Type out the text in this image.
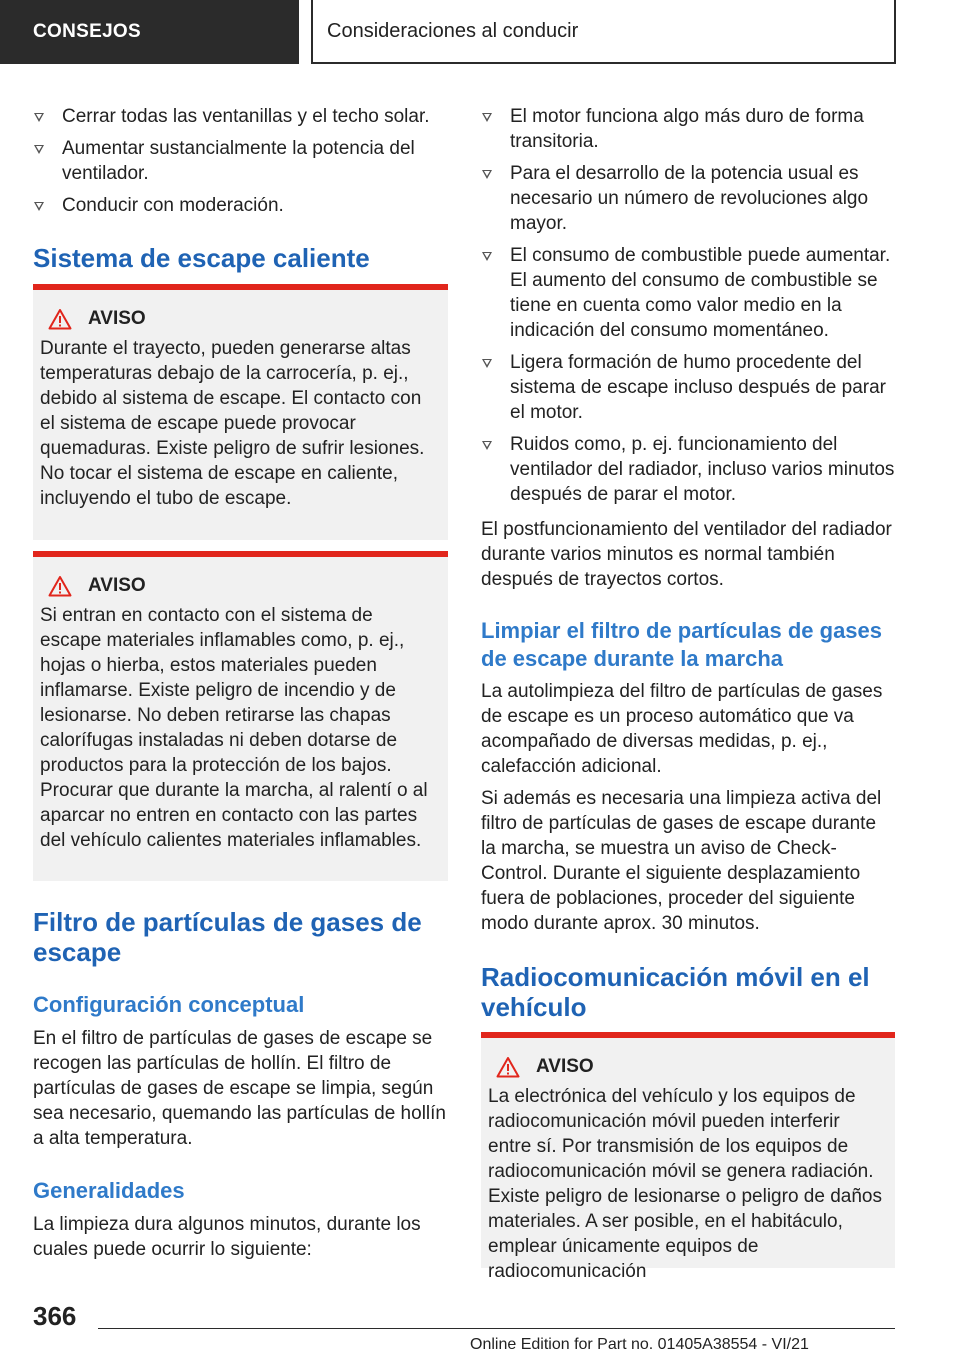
CONSEJOS	Consideraciones al conducir
Cerrar todas las ventanillas y el techo solar.
Aumentar sustancialmente la potencia del ventilador.
Conducir con moderación.
Sistema de escape caliente
AVISO

Durante el trayecto, pueden generarse altas temperaturas debajo de la carrocería, p. ej., debido al sistema de escape. El contacto con el sistema de escape puede provocar quemaduras. Existe peligro de sufrir lesiones. No tocar el sistema de escape en caliente, incluyendo el tubo de escape.

AVISO

Si entran en contacto con el sistema de escape materiales inflamables como, p. ej., hojas o hierba, estos materiales pueden inflamarse. Existe peligro de incendio y de lesionarse. No deben retirarse las chapas calorífugas instaladas ni deben dotarse de productos para la protección de los bajos. Procurar que durante la marcha, al ralentí o al aparcar no entren en contacto con las partes del vehículo calientes materiales inflamables.

Filtro de partículas de gases de escape
Configuración conceptual

En el filtro de partículas de gases de escape se recogen las partículas de hollín. El filtro de partículas de gases de escape se limpia, según sea necesario, quemando las partículas de hollín a alta temperatura.

Generalidades

La limpieza dura algunos minutos, durante los cuales puede ocurrir lo siguiente:

El motor funciona algo más duro de forma transitoria.
Para el desarrollo de la potencia usual es necesario un número de revoluciones algo mayor.
El consumo de combustible puede aumentar. El aumento del consumo de combustible se tiene en cuenta como valor medio en la indicación del consumo momentáneo.
Ligera formación de humo procedente del sistema de escape incluso después de parar el motor.
Ruidos como, p. ej. funcionamiento del ventilador del radiador, incluso varios minutos después de parar el motor.

El postfuncionamiento del ventilador del radiador durante varios minutos es normal también después de trayectos cortos.

Limpiar el filtro de partículas de gases de escape durante la marcha

La autolimpieza del filtro de partículas de gases de escape es un proceso automático que va acompañado de diversas medidas, p. ej., calefacción adicional.

Si además es necesaria una limpieza activa del filtro de partículas de gases de escape durante la marcha, se muestra un aviso de Check-Control. Durante el siguiente desplazamiento fuera de poblaciones, proceder del siguiente modo durante aprox. 30 minutos.

Radiocomunicación móvil en el vehículo
AVISO

La electrónica del vehículo y los equipos de radiocomunicación móvil pueden interferir entre sí. Por transmisión de los equipos de radiocomunicación móvil se genera radiación. Existe peligro de lesionarse o peligro de daños materiales. A ser posible, en el habitáculo, emplear únicamente equipos de radiocomunicación

366
Online Edition for Part no. 01405A38554 - VI/21
